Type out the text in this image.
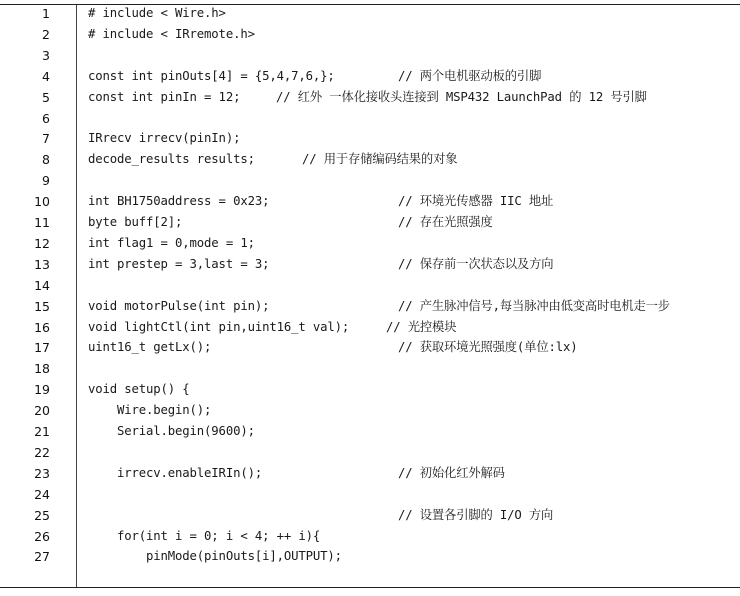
1	# include < Wire.h>
2	# include < IRremote.h>
3
4	const int pinOuts[4] = {5,4,7,6,};	// 两个电机驱动板的引脚
5	const int pinIn = 12;	// 红外 一体化接收头连接到 MSP432 LaunchPad 的 12 号引脚
6
7	IRrecv irrecv(pinIn);
8	decode_results results;	// 用于存储编码结果的对象
9
10	int BH1750address = 0x23;	// 环境光传感器 IIC 地址
11	byte buff[2];	// 存在光照强度
12	int flag1 = 0,mode = 1;
13	int prestep = 3,last = 3;	// 保存前一次状态以及方向
14
15	void motorPulse(int pin);	// 产生脉冲信号,每当脉冲由低变高时电机走一步
16	void lightCtl(int pin,uint16_t val);	// 光控模块
17	uint16_t getLx();	// 获取环境光照强度(单位:lx)
18
19	void setup() {
20	Wire.begin();
21	Serial.begin(9600);
22
23	irrecv.enableIRIn();	// 初始化红外解码
24
25	// 设置各引脚的 I/O 方向
26	for(int i = 0; i < 4; ++ i){
27	pinMode(pinOuts[i],OUTPUT);
